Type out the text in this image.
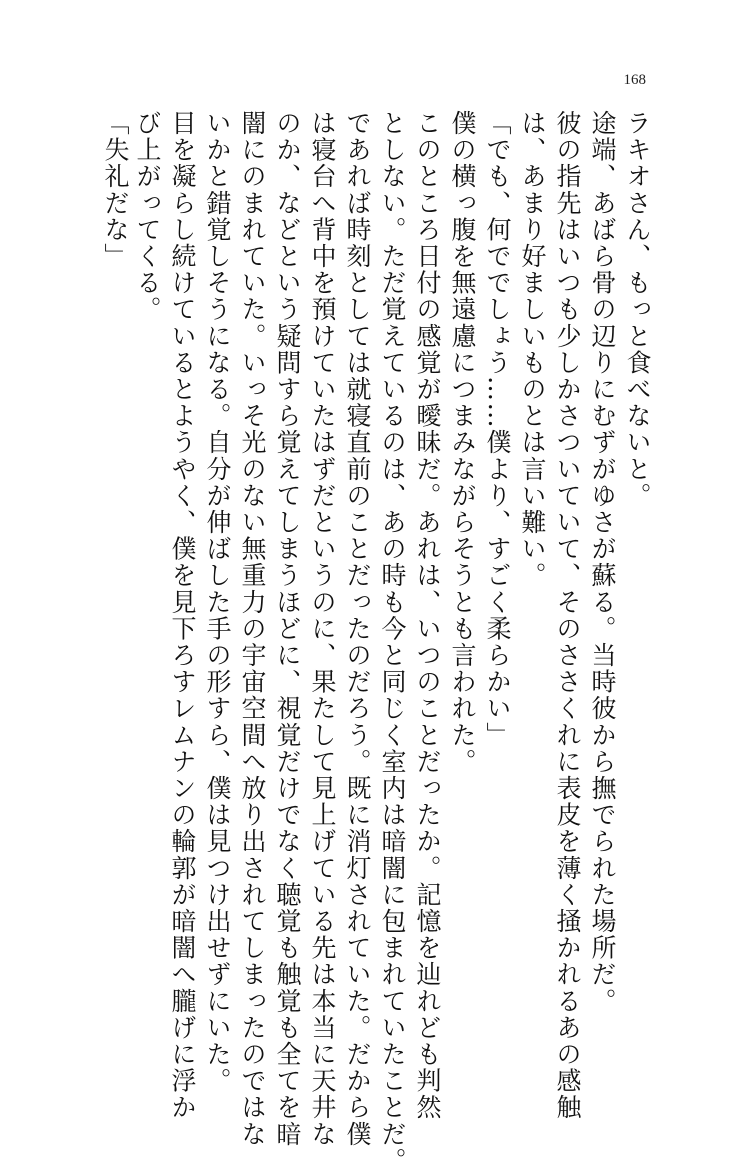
168
ラキオさん、もっと食べないと。
途端、あばら骨の辺りにむずがゆさが蘇る。当時彼から撫でられた場所だ。
彼の指先はいつも少しかさついていて、そのささくれに表皮を薄く掻かれるあの感触
は、あまり好ましいものとは言い難い。
「でも、何ででしょう……僕より、すごく柔らかい」
僕の横っ腹を無遠慮につまみながらそうとも言われた。
このところ日付の感覚が曖昧だ。あれは、いつのことだったか。記憶を辿れども判然
としない。ただ覚えているのは、あの時も今と同じく室内は暗闇に包まれていたことだ。
であれば時刻としては就寝直前のことだったのだろう。既に消灯されていた。だから僕
は寝台へ背中を預けていたはずだというのに、果たして見上げている先は本当に天井な
のか、などという疑問すら覚えてしまうほどに、視覚だけでなく聴覚も触覚も全てを暗
闇にのまれていた。いっそ光のない無重力の宇宙空間へ放り出されてしまったのではな
いかと錯覚しそうになる。自分が伸ばした手の形すら、僕は見つけ出せずにいた。
目を凝らし続けているとようやく、僕を見下ろすレムナンの輪郭が暗闇へ朧げに浮か
び上がってくる。
「失礼だな」
